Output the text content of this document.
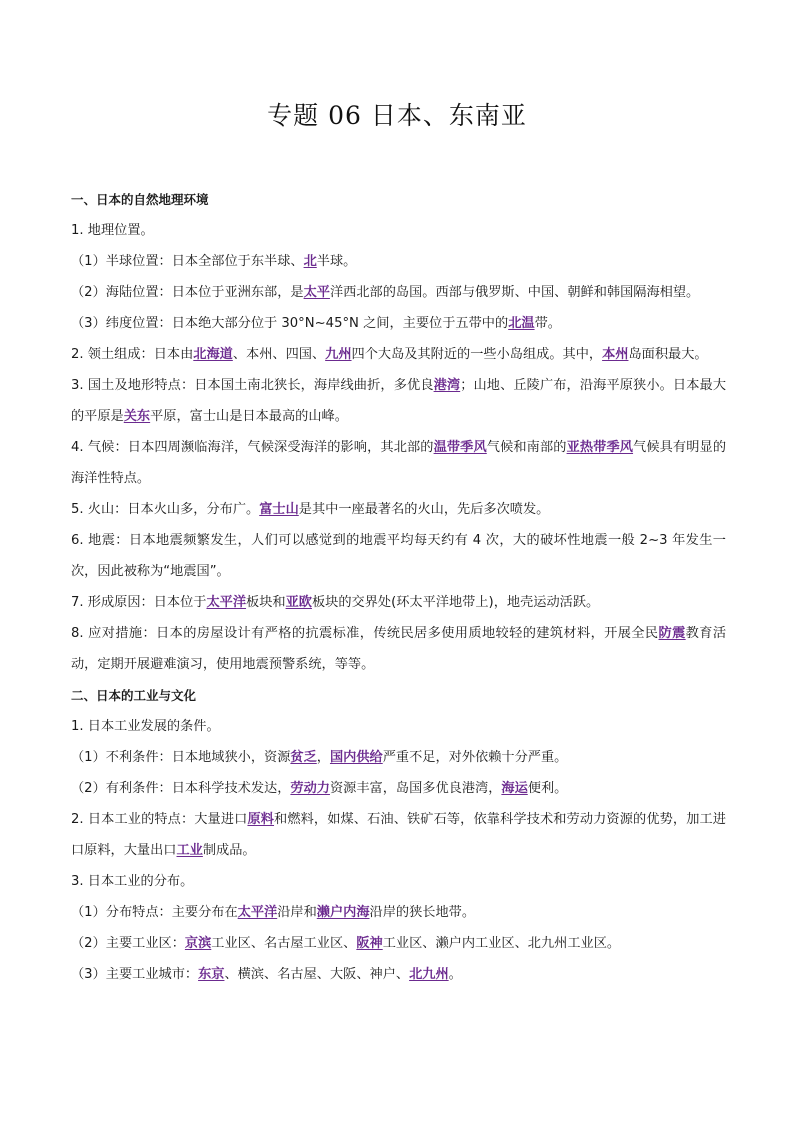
专题 06 日本、东南亚
一、日本的自然地理环境
1. 地理位置。
（1）半球位置：日本全部位于东半球、北半球。
（2）海陆位置：日本位于亚洲东部，是太平洋西北部的岛国。西部与俄罗斯、中国、朝鲜和韩国隔海相望。
（3）纬度位置：日本绝大部分位于 30°N~45°N 之间，主要位于五带中的北温带。
2. 领土组成：日本由北海道、本州、四国、九州四个大岛及其附近的一些小岛组成。其中，本州岛面积最大。
3. 国土及地形特点：日本国土南北狭长，海岸线曲折，多优良港湾；山地、丘陵广布，沿海平原狭小。日本最大的平原是关东平原，富士山是日本最高的山峰。
4. 气候：日本四周濒临海洋，气候深受海洋的影响，其北部的温带季风气候和南部的亚热带季风气候具有明显的海洋性特点。
5. 火山：日本火山多，分布广。富士山是其中一座最著名的火山，先后多次喷发。
6. 地震：日本地震频繁发生，人们可以感觉到的地震平均每天约有 4 次，大的破坏性地震一般 2~3 年发生一次，因此被称为“地震国”。
7. 形成原因：日本位于太平洋板块和亚欧板块的交界处(环太平洋地带上)，地壳运动活跃。
8. 应对措施：日本的房屋设计有严格的抗震标准，传统民居多使用质地较轻的建筑材料，开展全民防震教育活动，定期开展避难演习，使用地震预警系统，等等。
二、日本的工业与文化
1. 日本工业发展的条件。
（1）不利条件：日本地域狭小，资源贫乏，国内供给严重不足，对外依赖十分严重。
（2）有利条件：日本科学技术发达，劳动力资源丰富，岛国多优良港湾，海运便利。
2. 日本工业的特点：大量进口原料和燃料，如煤、石油、铁矿石等，依靠科学技术和劳动力资源的优势，加工进口原料，大量出口工业制成品。
3. 日本工业的分布。
（1）分布特点：主要分布在太平洋沿岸和濑户内海沿岸的狭长地带。
（2）主要工业区：京滨工业区、名古屋工业区、阪神工业区、濑户内工业区、北九州工业区。
（3）主要工业城市：东京、横滨、名古屋、大阪、神户、北九州。
